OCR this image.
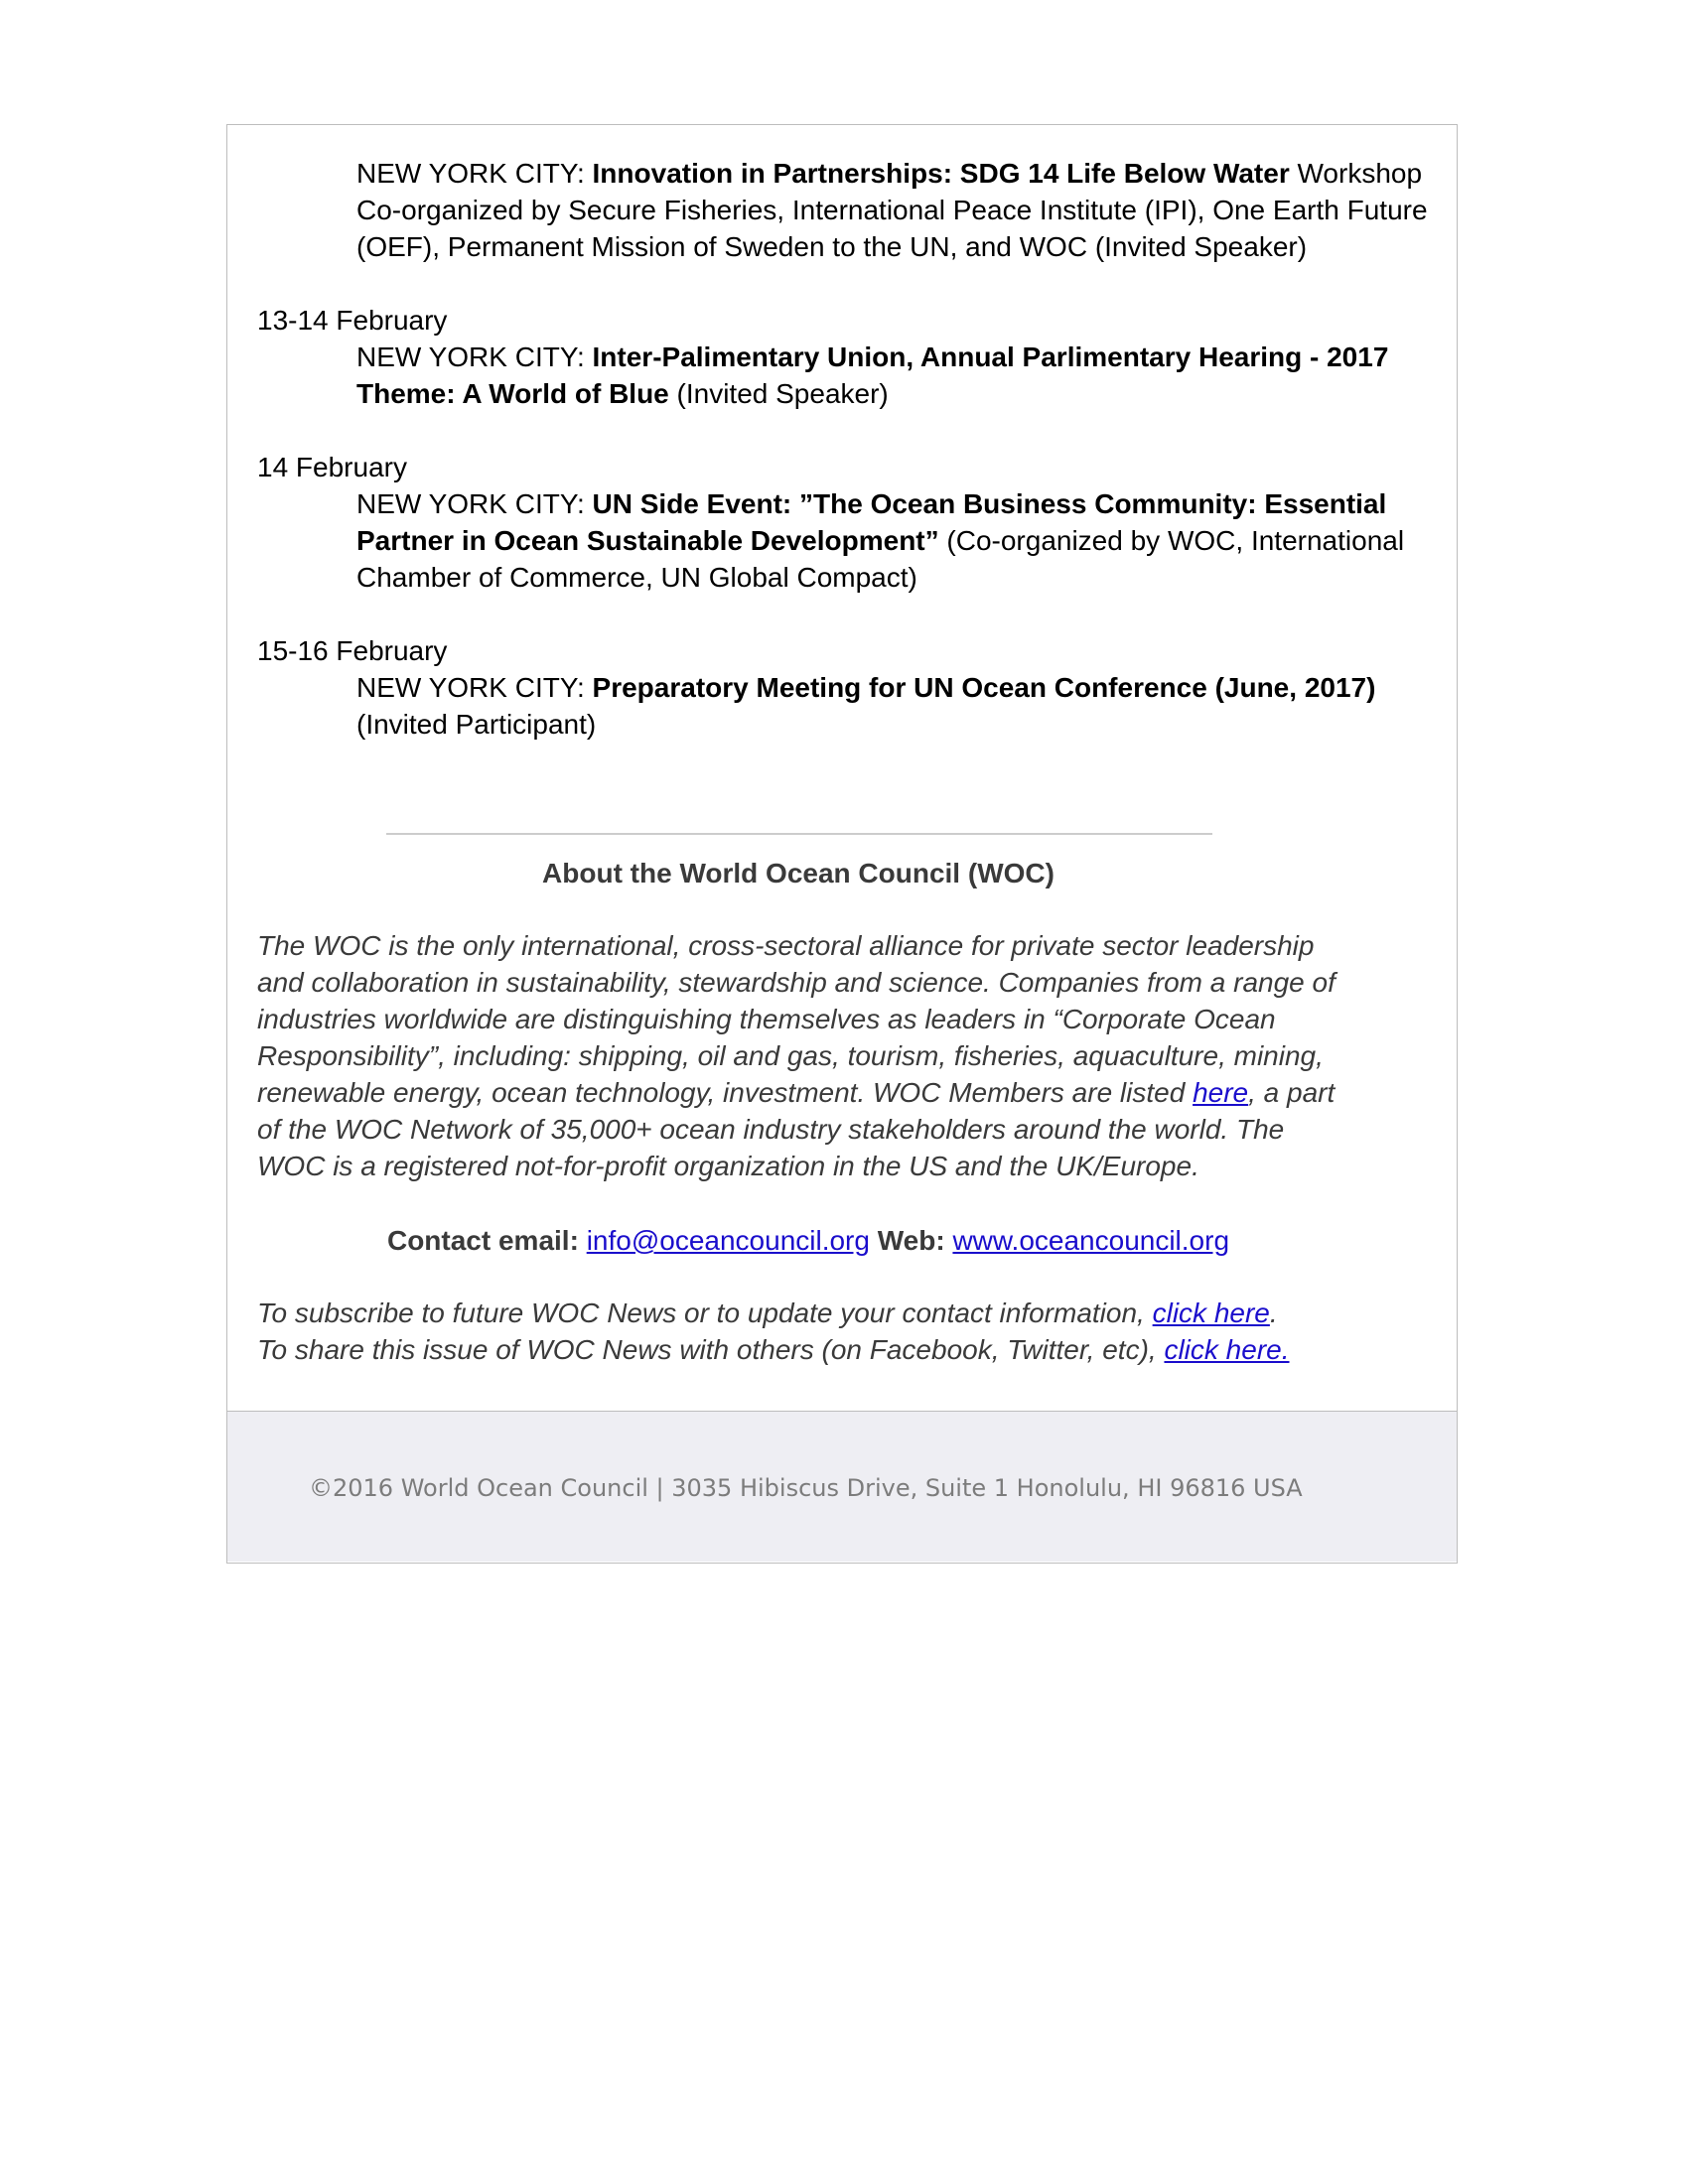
NEW YORK CITY: Innovation in Partnerships: SDG 14 Life Below Water Workshop Co-organized by Secure Fisheries, International Peace Institute (IPI), One Earth Future (OEF), Permanent Mission of Sweden to the UN, and WOC (Invited Speaker)
13-14 February
NEW YORK CITY: Inter-Palimentary Union, Annual Parlimentary Hearing - 2017 Theme: A World of Blue (Invited Speaker)
14 February
NEW YORK CITY: UN Side Event: ”The Ocean Business Community: Essential Partner in Ocean Sustainable Development” (Co-organized by WOC, International Chamber of Commerce, UN Global Compact)
15-16 February
NEW YORK CITY: Preparatory Meeting for UN Ocean Conference (June, 2017)  (Invited Participant)
About the World Ocean Council (WOC)
The WOC is the only international, cross-sectoral alliance for private sector leadership and collaboration in sustainability, stewardship and science. Companies from a range of industries worldwide are distinguishing themselves as leaders in “Corporate Ocean Responsibility”, including: shipping, oil and gas, tourism, fisheries, aquaculture, mining, renewable energy, ocean technology, investment. WOC Members are listed here, a part of the WOC Network of 35,000+ ocean industry stakeholders around the world. The WOC is a registered not-for-profit organization in the US and the UK/Europe.
Contact email: info@oceancouncil.org Web: www.oceancouncil.org
To subscribe to future WOC News or to update your contact information, click here.
To share this issue of WOC News with others (on Facebook, Twitter, etc), click here.
©2016 World Ocean Council | 3035 Hibiscus Drive, Suite 1 Honolulu, HI 96816 USA
